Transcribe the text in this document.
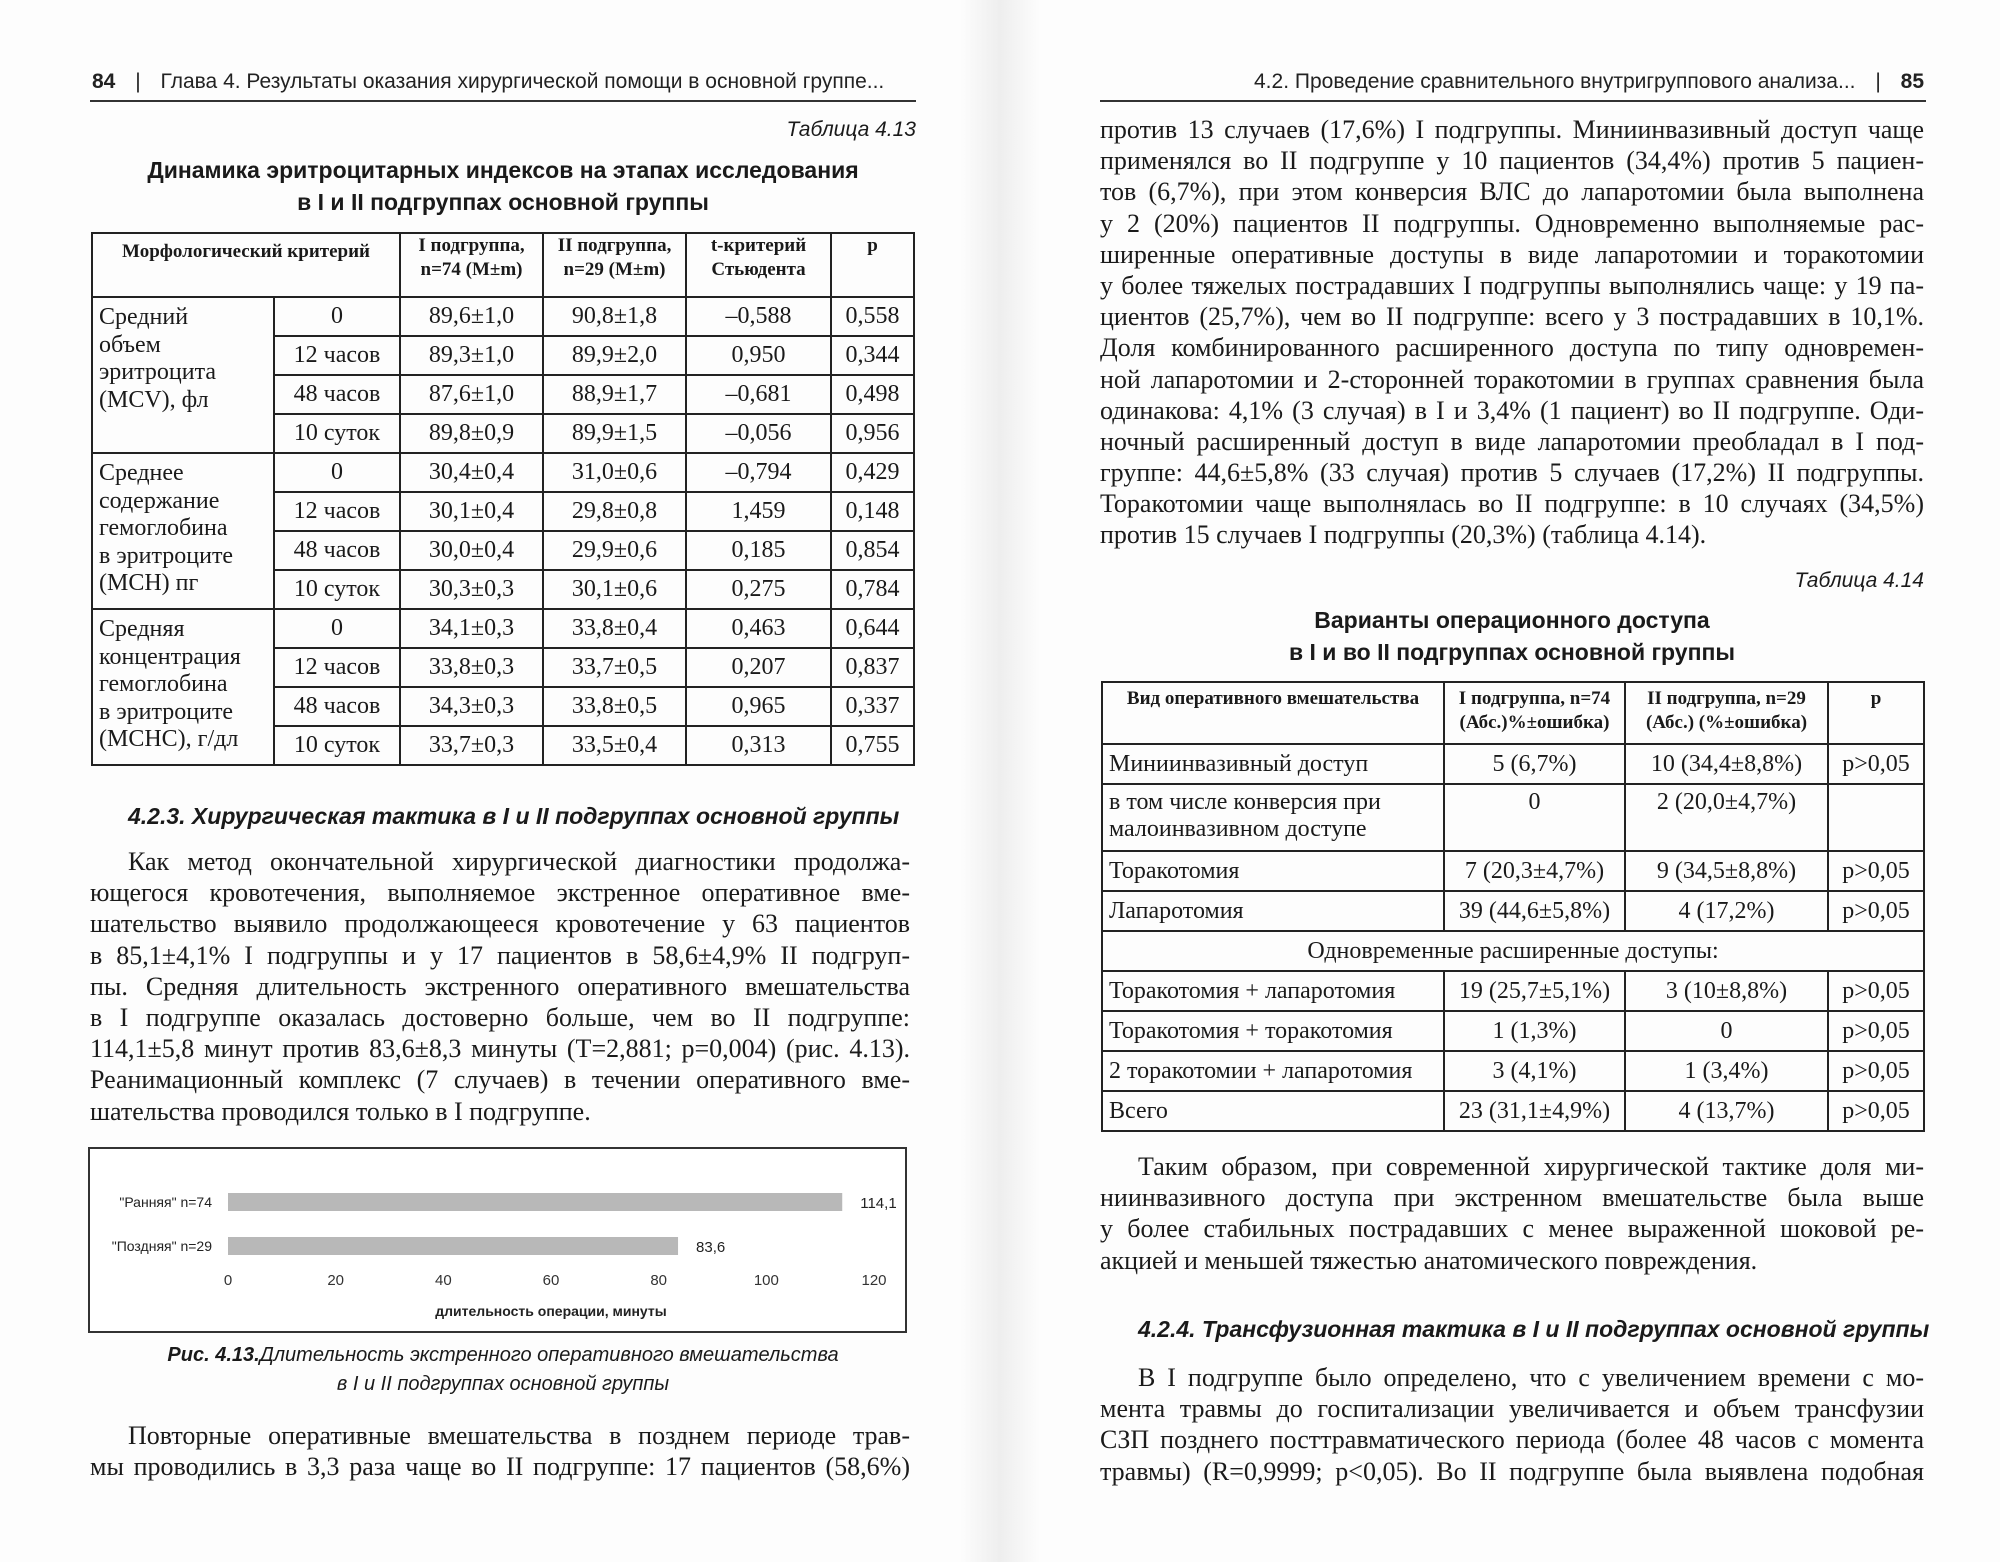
84 | Глава 4. Результаты оказания хирургической помощи в основной группе...
Таблица 4.13
Динамика эритроцитарных индексов на этапах исследования
в I и II подгруппах основной группы
Морфологический критерий		I подгруппа, n=74 (M±m)	II подгруппа, n=29 (M±m)	t-критерий Стьюдента	p

Средний
объем
эритроцита
(MCV), фл	0	89,6±1,0	90,8±1,8	–0,588	0,558
	12 часов	89,3±1,0	89,9±2,0	0,950	0,344
	48 часов	87,6±1,0	88,9±1,7	–0,681	0,498
	10 суток	89,8±0,9	89,9±1,5	–0,056	0,956

Среднее
содержание
гемоглобина
в эритроците
(MCH) пг	0	30,4±0,4	31,0±0,6	–0,794	0,429
	12 часов	30,1±0,4	29,8±0,8	1,459	0,148
	48 часов	30,0±0,4	29,9±0,6	0,185	0,854
	10 суток	30,3±0,3	30,1±0,6	0,275	0,784

Средняя
концентрация
гемоглобина
в эритроците
(MCHC), г/дл	0	34,1±0,3	33,8±0,4	0,463	0,644
	12 часов	33,8±0,3	33,7±0,5	0,207	0,837
	48 часов	34,3±0,3	33,8±0,5	0,965	0,337
	10 суток	33,7±0,3	33,5±0,4	0,313	0,755
4.2.3. Хирургическая тактика в I и II подгруппах основной группы
Как метод окончательной хирургической диагностики продолжа-
ющегося кровотечения, выполняемое экстренное оперативное вме-
шательство выявило продолжающееся кровотечение у 63 пациентов
в 85,1±4,1% I подгруппы и у 17 пациентов в 58,6±4,9% II подгруп-
пы. Средняя длительность экстренного оперативного вмешательства
в I подгруппе оказалась достоверно больше, чем во II подгруппе:
114,1±5,8 минут против 83,6±8,3 минуты (T=2,881; p=0,004) (рис. 4.13).
Реанимационный комплекс (7 случаев) в течении оперативного вме-
шательства проводился только в I подгруппе.
0	20	40	60	80	100	120
"Ранняя" n=74	114,1
"Поздняя" n=29	83,6
длительность операции, минуты
Рис. 4.13.Длительность экстренного оперативного вмешательства
в I и II подгруппах основной группы
Повторные оперативные вмешательства в позднем периоде трав-
мы проводились в 3,3 раза чаще во II подгруппе: 17 пациентов (58,6%)
4.2. Проведение сравнительного внутригруппового анализа... | 85
против 13 случаев (17,6%) I подгруппы. Миниинвазивный доступ чаще
применялся во II подгруппе у 10 пациентов (34,4%) против 5 пациен-
тов (6,7%), при этом конверсия ВЛС до лапаротомии была выполнена
у 2 (20%) пациентов II подгруппы. Одновременно выполняемые рас-
ширенные оперативные доступы в виде лапаротомии и торакотомии
у более тяжелых пострадавших I подгруппы выполнялись чаще: у 19 па-
циентов (25,7%), чем во II подгруппе: всего у 3 пострадавших в 10,1%.
Доля комбинированного расширенного доступа по типу одновремен-
ной лапаротомии и 2-сторонней торакотомии в группах сравнения была
одинакова: 4,1% (3 случая) в I и 3,4% (1 пациент) во II подгруппе. Оди-
ночный расширенный доступ в виде лапаротомии преобладал в I под-
группе: 44,6±5,8% (33 случая) против 5 случаев (17,2%) II подгруппы.
Торакотомии чаще выполнялась во II подгруппе: в 10 случаях (34,5%)
против 15 случаев I подгруппы (20,3%) (таблица 4.14).
Таблица 4.14
Варианты операционного доступа
в I и во II подгруппах основной группы
Вид оперативного вмешательства	I подгруппа, n=74 (Абс.)%±ошибка)	II подгруппа, n=29 (Абс.) (%±ошибка)	p
Миниинвазивный доступ	5 (6,7%)	10 (34,4±8,8%)	p>0,05
в том числе конверсия при малоинвазивном доступе	0	2 (20,0±4,7%)	
Торакотомия	7 (20,3±4,7%)	9 (34,5±8,8%)	p>0,05
Лапаротомия	39 (44,6±5,8%)	4 (17,2%)	p>0,05
Одновременные расширенные доступы:			
Торакотомия + лапаротомия	19 (25,7±5,1%)	3 (10±8,8%)	p>0,05
Торакотомия + торакотомия	1 (1,3%)	0	p>0,05
2 торакотомии + лапаротомия	3 (4,1%)	1 (3,4%)	p>0,05
Всего	23 (31,1±4,9%)	4 (13,7%)	p>0,05
Таким образом, при современной хирургической тактике доля ми-
ниинвазивного доступа при экстренном вмешательстве была выше
у более стабильных пострадавших с менее выраженной шоковой ре-
акцией и меньшей тяжестью анатомического повреждения.
4.2.4. Трансфузионная тактика в I и II подгруппах основной группы
В I подгруппе было определено, что с увеличением времени с мо-
мента травмы до госпитализации увеличивается и объем трансфузии
СЗП позднего посттравматического периода (более 48 часов с момента
травмы) (R=0,9999; p<0,05). Во II подгруппе была выявлена подобная
